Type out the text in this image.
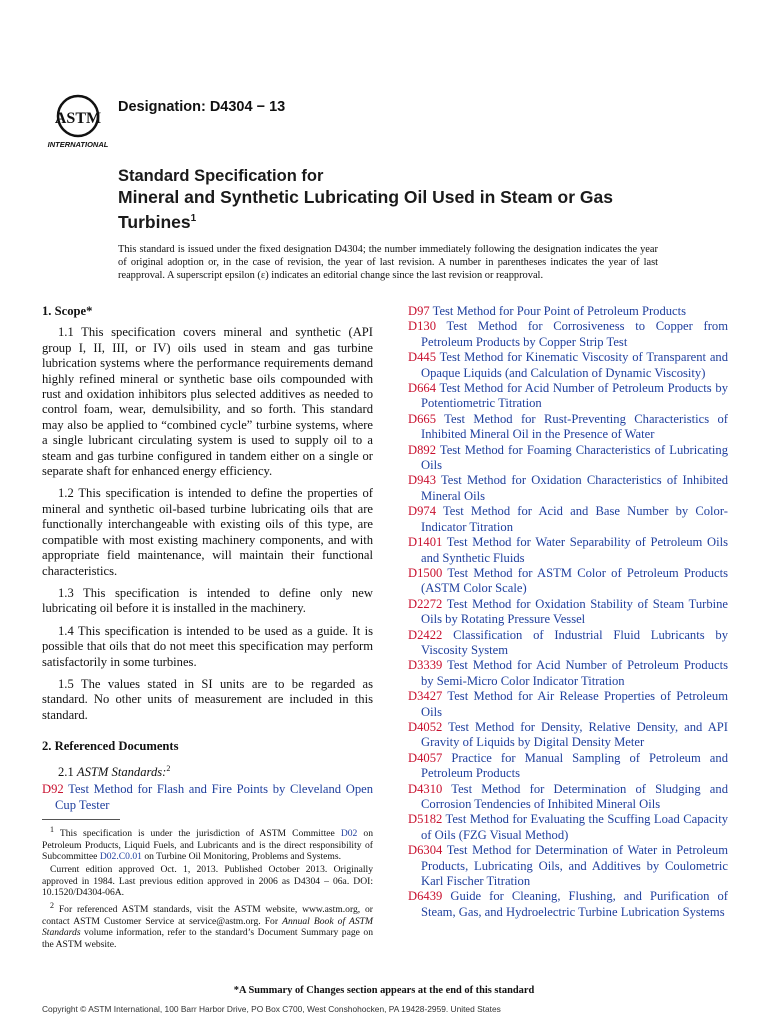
ASTM
INTERNATIONAL
Designation: D4304 − 13
Standard Specification for
Mineral and Synthetic Lubricating Oil Used in Steam or Gas
Turbines$^1$
This standard is issued under the fixed designation D4304; the number immediately following the designation indicates the year of original adoption or, in the case of revision, the year of last revision. A number in parentheses indicates the year of last reapproval. A superscript epsilon (ε) indicates an editorial change since the last revision or reapproval.
1. Scope*

1.1 This specification covers mineral and synthetic (API group I, II, III, or IV) oils used in steam and gas turbine lubrication systems where the performance requirements demand highly refined mineral or synthetic base oils compounded with rust and oxidation inhibitors plus selected additives as needed to control foam, wear, demulsibility, and so forth. This standard may also be applied to “combined cycle” turbine systems, where a single lubricant circulating system is used to supply oil to a steam and gas turbine configured in tandem either on a single or separate shaft for enhanced energy efficiency.

1.2 This specification is intended to define the properties of mineral and synthetic oil-based turbine lubricating oils that are functionally interchangeable with existing oils of this type, are compatible with most existing machinery components, and with appropriate field maintenance, will maintain their functional characteristics.

1.3 This specification is intended to define only new lubricating oil before it is installed in the machinery.

1.4 This specification is intended to be used as a guide. It is possible that oils that do not meet this specification may perform satisfactorily in some turbines.

1.5 The values stated in SI units are to be regarded as standard. No other units of measurement are included in this standard.

2. Referenced Documents
2.1 ASTM Standards:$^2$

D92 Test Method for Flash and Fire Points by Cleveland Open Cup Tester

D97 Test Method for Pour Point of Petroleum Products

D130 Test Method for Corrosiveness to Copper from Petroleum Products by Copper Strip Test

D445 Test Method for Kinematic Viscosity of Transparent and Opaque Liquids (and Calculation of Dynamic Viscosity)

D664 Test Method for Acid Number of Petroleum Products by Potentiometric Titration

D665 Test Method for Rust-Preventing Characteristics of Inhibited Mineral Oil in the Presence of Water

D892 Test Method for Foaming Characteristics of Lubricating Oils

D943 Test Method for Oxidation Characteristics of Inhibited Mineral Oils

D974 Test Method for Acid and Base Number by Color-Indicator Titration

D1401 Test Method for Water Separability of Petroleum Oils and Synthetic Fluids

D1500 Test Method for ASTM Color of Petroleum Products (ASTM Color Scale)

D2272 Test Method for Oxidation Stability of Steam Turbine Oils by Rotating Pressure Vessel

D2422 Classification of Industrial Fluid Lubricants by Viscosity System

D3339 Test Method for Acid Number of Petroleum Products by Semi-Micro Color Indicator Titration

D3427 Test Method for Air Release Properties of Petroleum Oils

D4052 Test Method for Density, Relative Density, and API Gravity of Liquids by Digital Density Meter

D4057 Practice for Manual Sampling of Petroleum and Petroleum Products

D4310 Test Method for Determination of Sludging and Corrosion Tendencies of Inhibited Mineral Oils

D5182 Test Method for Evaluating the Scuffing Load Capacity of Oils (FZG Visual Method)

D6304 Test Method for Determination of Water in Petroleum Products, Lubricating Oils, and Additives by Coulometric Karl Fischer Titration

D6439 Guide for Cleaning, Flushing, and Purification of Steam, Gas, and Hydroelectric Turbine Lubrication Systems

$^1$ This specification is under the jurisdiction of ASTM Committee D02 on Petroleum Products, Liquid Fuels, and Lubricants and is the direct responsibility of Subcommittee D02.C0.01 on Turbine Oil Monitoring, Problems and Systems.

Current edition approved Oct. 1, 2013. Published October 2013. Originally approved in 1984. Last previous edition approved in 2006 as D4304 – 06a. DOI: 10.1520/D4304-06A.

$^2$ For referenced ASTM standards, visit the ASTM website, www.astm.org, or contact ASTM Customer Service at service@astm.org. For Annual Book of ASTM Standards volume information, refer to the standard’s Document Summary page on the ASTM website.

*A Summary of Changes section appears at the end of this standard
Copyright © ASTM International, 100 Barr Harbor Drive, PO Box C700, West Conshohocken, PA 19428-2959. United States
